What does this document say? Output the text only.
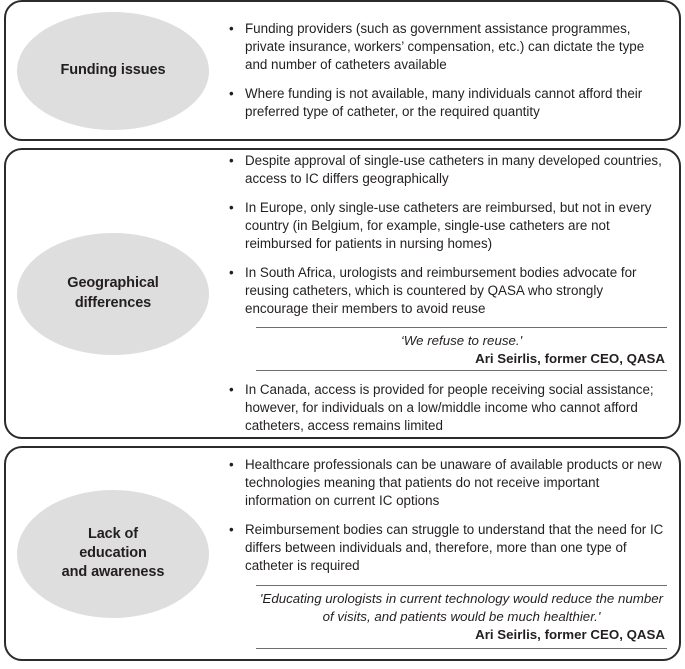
Funding issues
• Funding providers (such as government assistance programmes, private insurance, workers’ compensation, etc.) can dictate the type and number of catheters available
• Where funding is not available, many individuals cannot afford their preferred type of catheter, or the required quantity
Geographical
differences
• Despite approval of single-use catheters in many developed countries, access to IC differs geographically
• In Europe, only single-use catheters are reimbursed, but not in every country (in Belgium, for example, single-use catheters are not reimbursed for patients in nursing homes)
• In South Africa, urologists and reimbursement bodies advocate for reusing catheters, which is countered by QASA who strongly encourage their members to avoid reuse
‘We refuse to reuse.'
Ari Seirlis, former CEO, QASA
• In Canada, access is provided for people receiving social assistance; however, for individuals on a low/middle income who cannot afford catheters, access remains limited
Lack of
education
and awareness
• Healthcare professionals can be unaware of available products or new technologies meaning that patients do not receive important information on current IC options
• Reimbursement bodies can struggle to understand that the need for IC differs between individuals and, therefore, more than one type of catheter is required
'Educating urologists in current technology would reduce the number of visits, and patients would be much healthier.'
Ari Seirlis, former CEO, QASA
